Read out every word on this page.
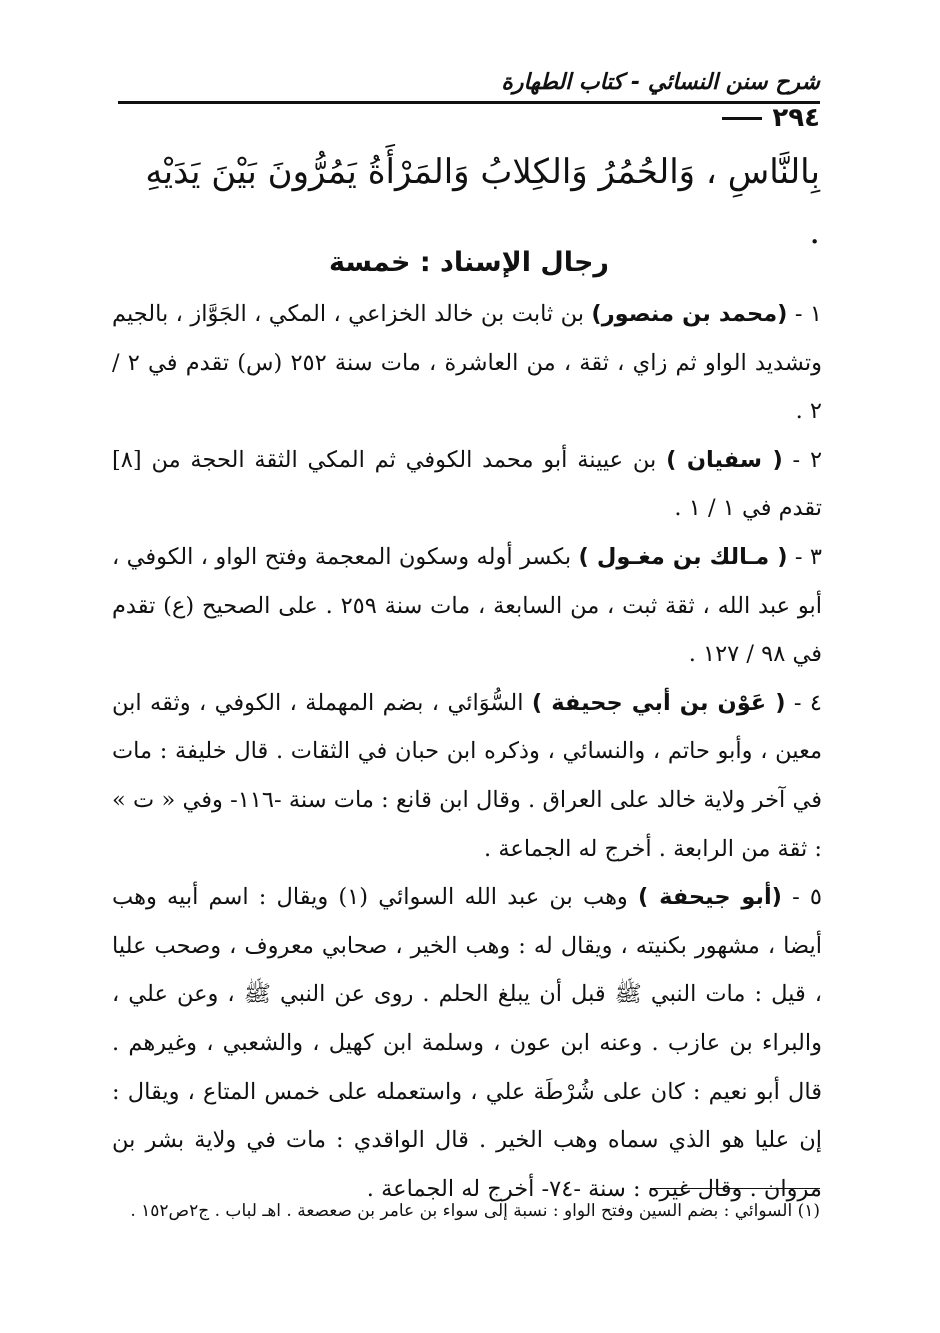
شرح سنن النسائي - كتاب الطهارة
٢٩٤
بِالنَّاسِ ، وَالحُمُرُ وَالكِلابُ وَالمَرْأَةُ يَمُرُّونَ بَيْنَ يَدَيْهِ .
رجال الإسناد : خمسة

١ - (محمد بن منصور) بن ثابت بن خالد الخزاعي ، المكي ، الجَوَّاز ، بالجيم وتشديد الواو ثم زاي ، ثقة ، من العاشرة ، مات سنة ٢٥٢ (س) تقدم في ٢ / ٢ .

٢ - ( سفيان ) بن عيينة أبو محمد الكوفي ثم المكي الثقة الحجة من [٨] تقدم في ١ / ١ .

٣ - ( مـالك بن مغـول ) بكسر أوله وسكون المعجمة وفتح الواو ، الكوفي ، أبو عبد الله ، ثقة ثبت ، من السابعة ، مات سنة ٢٥٩ . على الصحيح (ع) تقدم في ٩٨ / ١٢٧ .

٤ - ( عَوْن بن أبي جحيفة ) السُّوَائي ، بضم المهملة ، الكوفي ، وثقه ابن معين ، وأبو حاتم ، والنسائي ، وذكره ابن حبان في الثقات . قال خليفة : مات في آخر ولاية خالد على العراق . وقال ابن قانع : مات سنة -١١٦- وفي « ت » : ثقة من الرابعة . أخرج له الجماعة .

٥ - (أبو جيحفة ) وهب بن عبد الله السوائي (١) ويقال : اسم أبيه وهب أيضا ، مشهور بكنيته ، ويقال له : وهب الخير ، صحابي معروف ، وصحب عليا ، قيل : مات النبي ﷺ قبل أن يبلغ الحلم . روى عن النبي ﷺ ، وعن علي ، والبراء بن عازب . وعنه ابن عون ، وسلمة ابن كهيل ، والشعبي ، وغيرهم . قال أبو نعيم : كان على شُرْطَة علي ، واستعمله على خمس المتاع ، ويقال : إن عليا هو الذي سماه وهب الخير . قال الواقدي : مات في ولاية بشر بن مروان . وقال غيره : سنة -٧٤- أخرج له الجماعة .

(١) السوائي : بضم السين وفتح الواو : نسبة إلى سواء بن عامر بن صعصعة . اهـ لباب . ج٢ص١٥٢ .
